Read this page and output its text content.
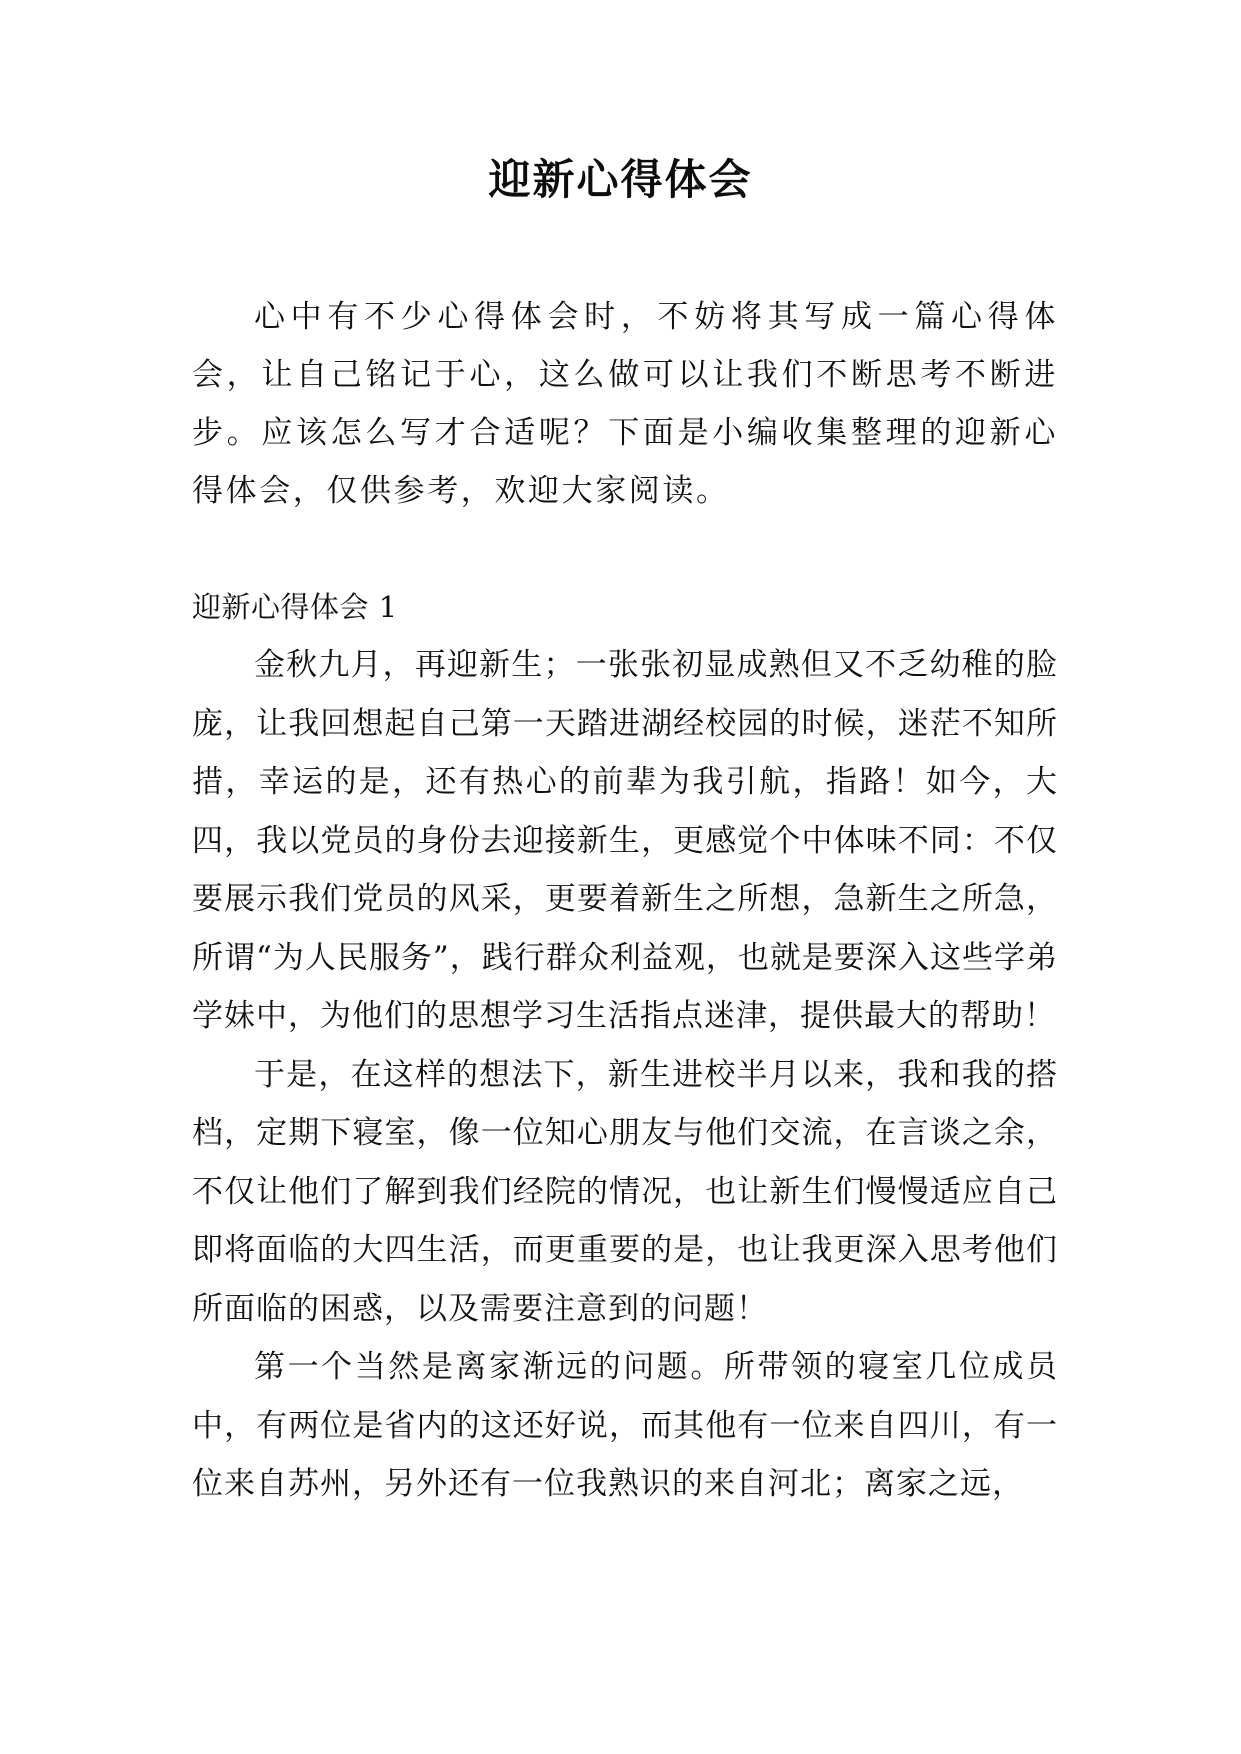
迎新心得体会

心中有不少心得体会时，不妨将其写成一篇心得体会，让自己铭记于心，这么做可以让我们不断思考不断进步。应该怎么写才合适呢？下面是小编收集整理的迎新心得体会，仅供参考，欢迎大家阅读。

迎新心得体会 1

金秋九月，再迎新生；一张张初显成熟但又不乏幼稚的脸庞，让我回想起自己第一天踏进湖经校园的时候，迷茫不知所措，幸运的是，还有热心的前辈为我引航，指路！如今，大四，我以党员的身份去迎接新生，更感觉个中体味不同：不仅要展示我们党员的风采，更要着新生之所想，急新生之所急，所谓“为人民服务”，践行群众利益观，也就是要深入这些学弟学妹中，为他们的思想学习生活指点迷津，提供最大的帮助！

于是，在这样的想法下，新生进校半月以来，我和我的搭档，定期下寝室，像一位知心朋友与他们交流，在言谈之余，不仅让他们了解到我们经院的情况，也让新生们慢慢适应自己即将面临的大四生活，而更重要的是，也让我更深入思考他们所面临的困惑，以及需要注意到的问题！

第一个当然是离家渐远的问题。所带领的寝室几位成员中，有两位是省内的这还好说，而其他有一位来自四川，有一位来自苏州，另外还有一位我熟识的来自河北；离家之远，
